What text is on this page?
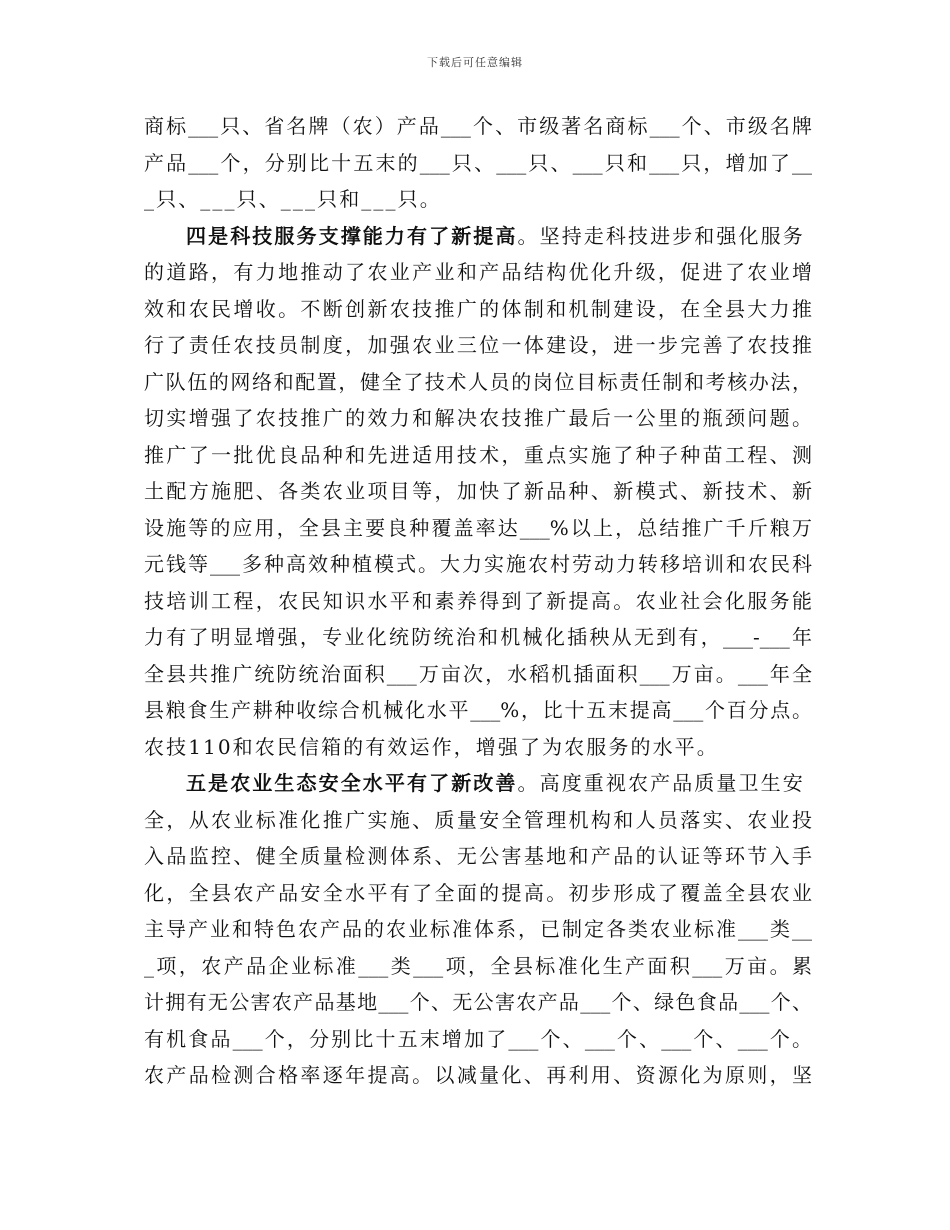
下载后可任意编辑
商标___只、省名牌（农）产品___个、市级著名商标___个、市级名牌
产品___个，分别比十五末的___只、___只、___只和___只，增加了__
_只、___只、___只和___只。
四是科技服务支撑能力有了新提高。坚持走科技进步和强化服务
的道路，有力地推动了农业产业和产品结构优化升级，促进了农业增
效和农民增收。不断创新农技推广的体制和机制建设，在全县大力推
行了责任农技员制度，加强农业三位一体建设，进一步完善了农技推
广队伍的网络和配置，健全了技术人员的岗位目标责任制和考核办法，
切实增强了农技推广的效力和解决农技推广最后一公里的瓶颈问题。
推广了一批优良品种和先进适用技术，重点实施了种子种苗工程、测
土配方施肥、各类农业项目等，加快了新品种、新模式、新技术、新
设施等的应用，全县主要良种覆盖率达___%以上，总结推广千斤粮万
元钱等___多种高效种植模式。大力实施农村劳动力转移培训和农民科
技培训工程，农民知识水平和素养得到了新提高。农业社会化服务能
力有了明显增强，专业化统防统治和机械化插秧从无到有，___-___年
全县共推广统防统治面积___万亩次，水稻机插面积___万亩。___年全
县粮食生产耕种收综合机械化水平___%，比十五末提高___个百分点。
农技110和农民信箱的有效运作，增强了为农服务的水平。
五是农业生态安全水平有了新改善。高度重视农产品质量卫生安
全，从农业标准化推广实施、质量安全管理机构和人员落实、农业投
入品监控、健全质量检测体系、无公害基地和产品的认证等环节入手
化，全县农产品安全水平有了全面的提高。初步形成了覆盖全县农业
主导产业和特色农产品的农业标准体系，已制定各类农业标准___类__
_项，农产品企业标准___类___项，全县标准化生产面积___万亩。累
计拥有无公害农产品基地___个、无公害农产品___个、绿色食品___个、
有机食品___个，分别比十五末增加了___个、___个、___个、___个。
农产品检测合格率逐年提高。以减量化、再利用、资源化为原则，坚
